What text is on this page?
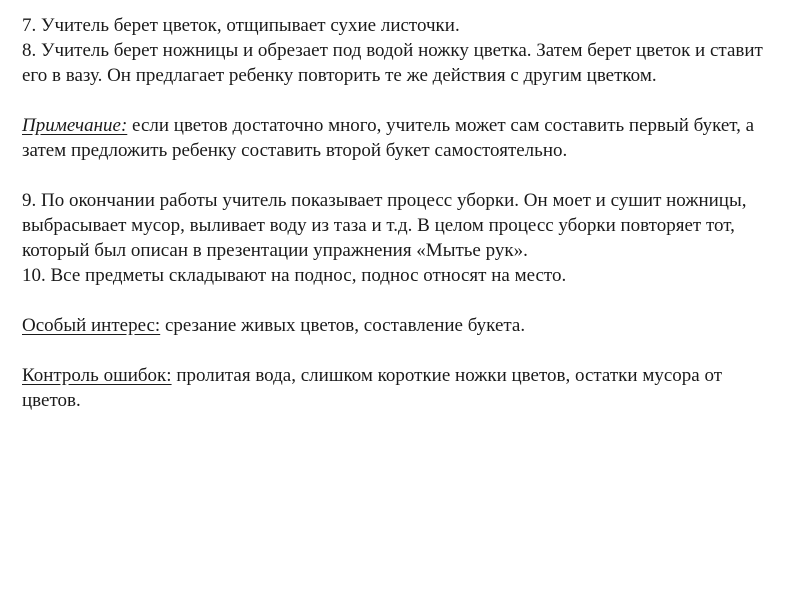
7. Учитель берет цветок, отщипывает сухие листочки.

8. Учитель берет ножницы и обрезает под водой ножку цветка. Затем берет цветок и ставит его в вазу. Он предлагает ребенку повторить те же действия с другим цветком.

Примечание: если цветов достаточно много, учитель может сам составить первый букет, а затем предложить ребенку составить второй букет самостоятельно.

9. По окончании работы учитель показывает процесс уборки. Он моет и сушит ножницы, выбрасывает мусор, выливает воду из таза и т.д. В целом процесс уборки повторяет тот, который был описан в презентации упражнения «Мытье рук».

10. Все предметы складывают на поднос, поднос относят на место.

Особый интерес: срезание живых цветов, составление букета.

Контроль ошибок: пролитая вода, слишком короткие ножки цветов, остатки мусора от цветов.
